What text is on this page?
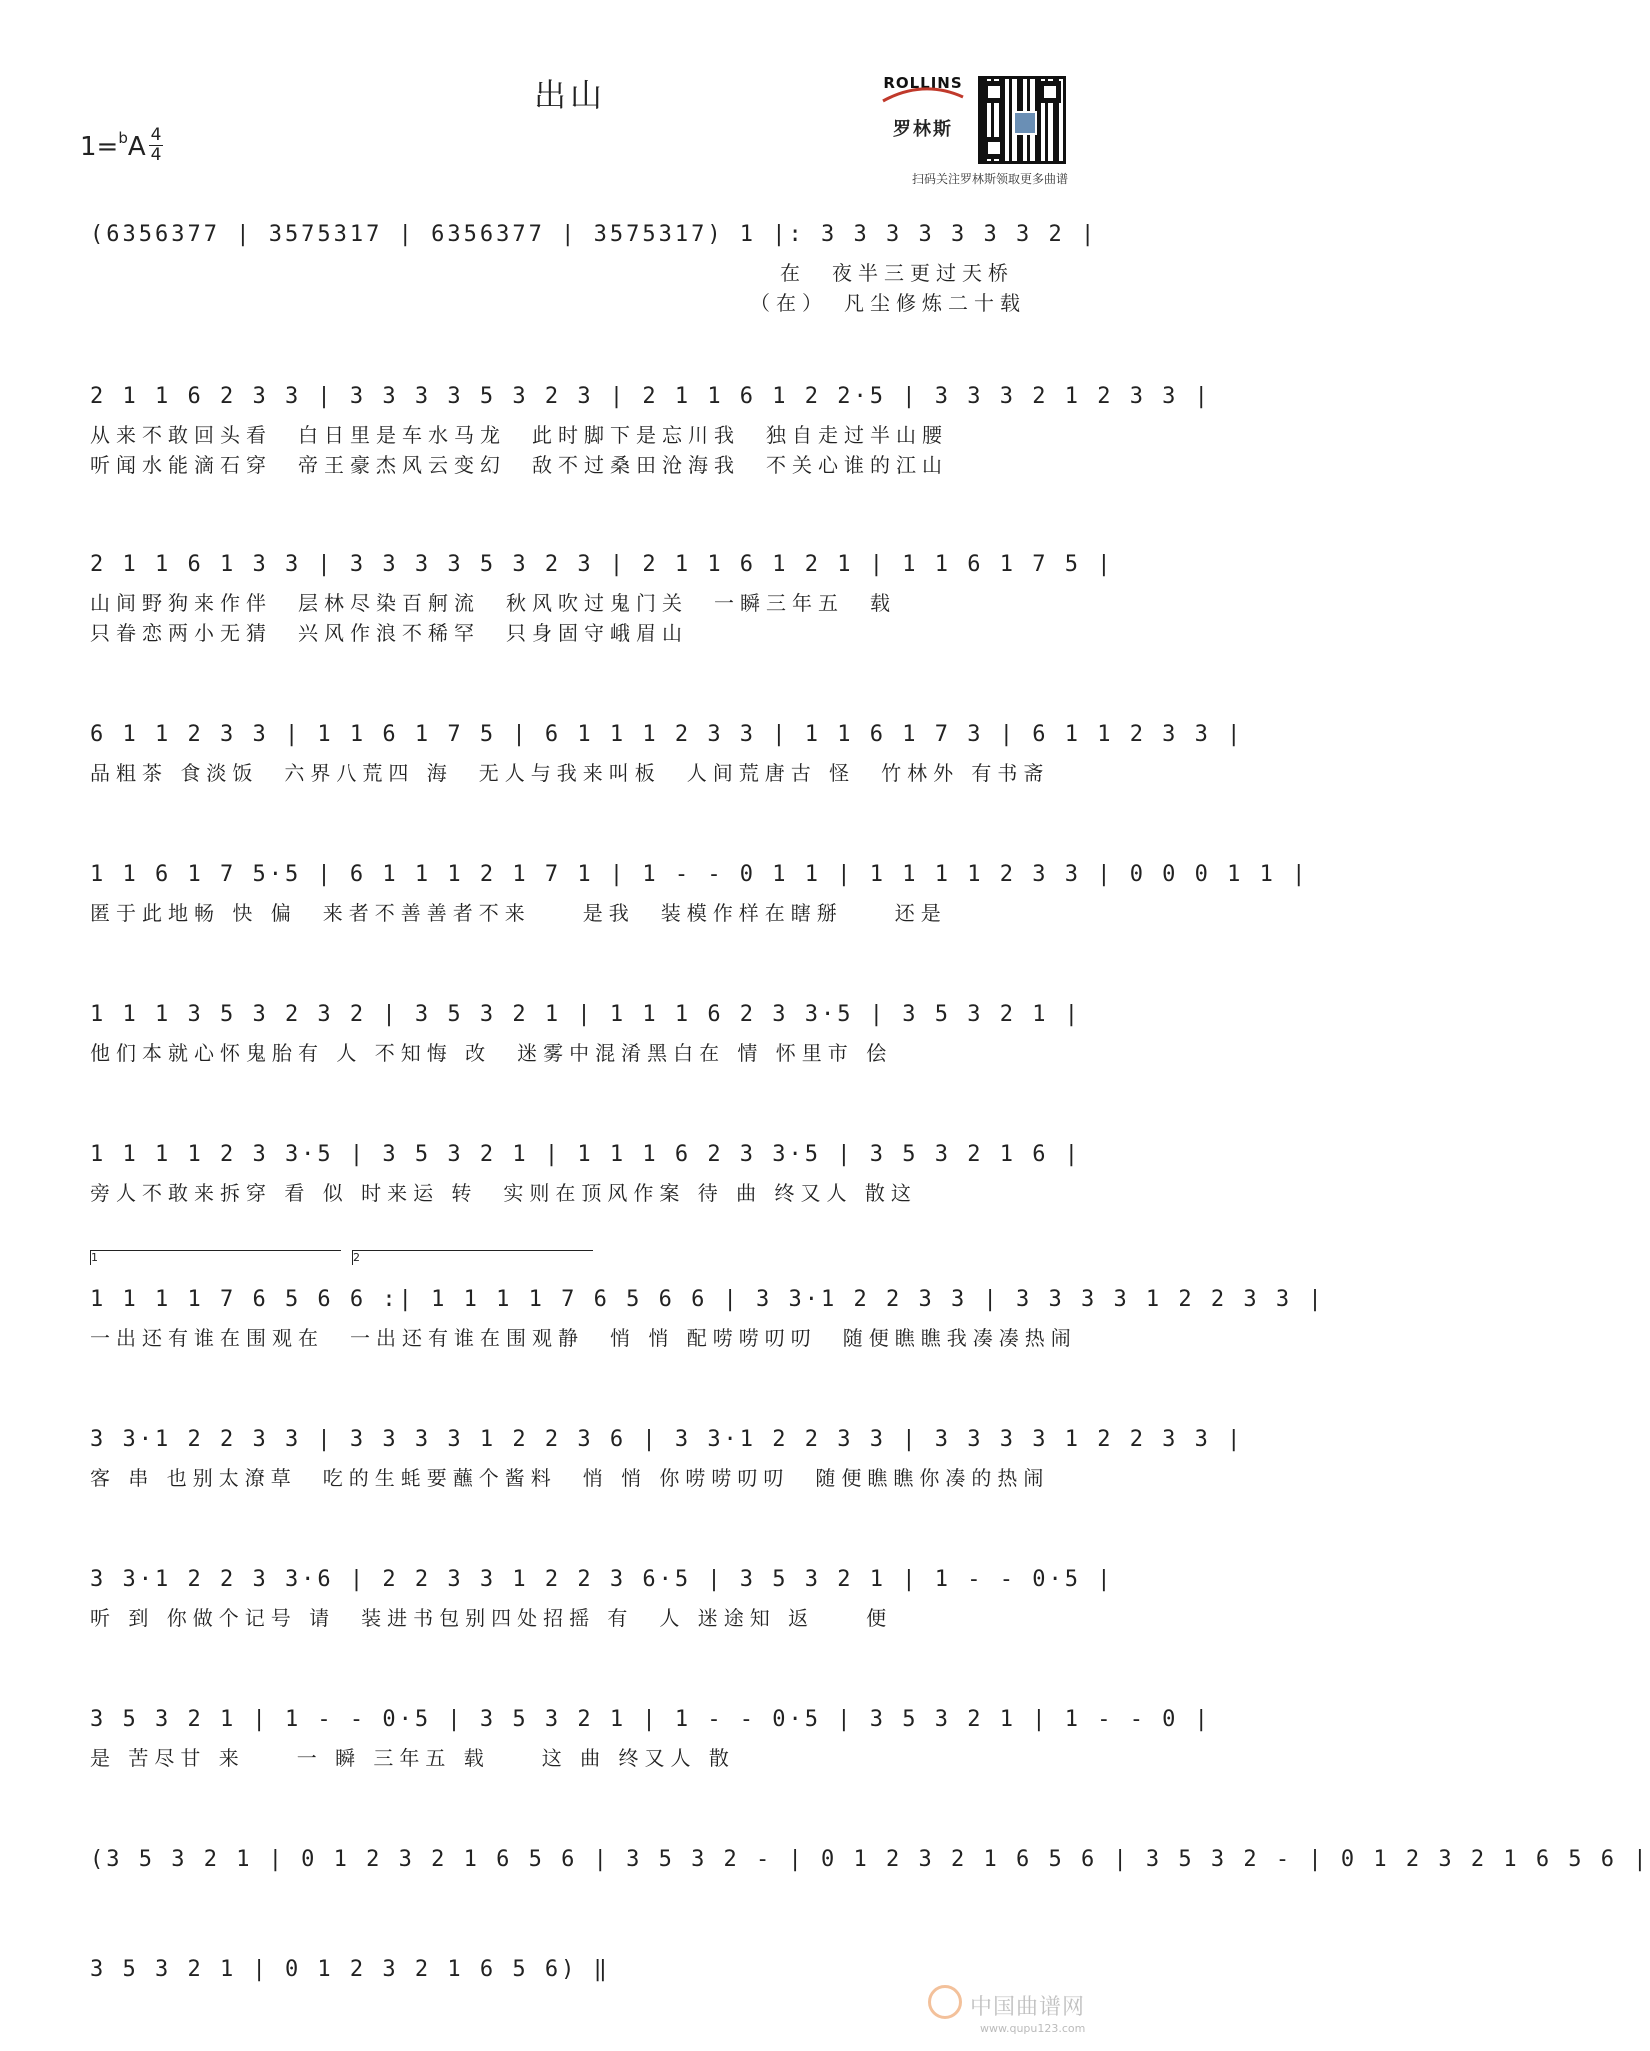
出山
1=$^b$A 4
4
ROLLINS
罗林斯
扫码关注罗林斯领取更多曲谱
(6356377 | 3575317 | 6356377 | 3575317) 1 |: 3 3 3 3 3 3 3 2 |
在　夜半三更过天桥
（在）　凡尘修炼二十载
2 1 1 6 2 3 3 | 3 3 3 3 5 3 2 3 | 2 1 1 6 1 2 2·5 | 3 3 3 2 1 2 3 3 |
从来不敢回头看　白日里是车水马龙　此时脚下是忘川我　独自走过半山腰
听闻水能滴石穿　帝王豪杰风云变幻　敌不过桑田沧海我　不关心谁的江山
2 1 1 6 1 3 3 | 3 3 3 3 5 3 2 3 | 2 1 1 6 1 2 1 | 1 1 6 1 7 5 |
山间野狗来作伴　层林尽染百舸流　秋风吹过鬼门关　一瞬三年五　载
只眷恋两小无猜　兴风作浪不稀罕　只身固守峨眉山
6 1 1 2 3 3 | 1 1 6 1 7 5 | 6 1 1 1 2 3 3 | 1 1 6 1 7 3 | 6 1 1 2 3 3 |
品粗茶 食淡饭　六界八荒四 海　无人与我来叫板　人间荒唐古 怪　竹林外 有书斋
1 1 6 1 7 5·5 | 6 1 1 1 2 1 7 1 | 1 - - 0 1 1 | 1 1 1 1 2 3 3 | 0 0 0 1 1 |
匿于此地畅 快 偏　来者不善善者不来　　是我　装模作样在瞎掰　　还是
1 1 1 3 5 3 2 3 2 | 3 5 3 2 1 | 1 1 1 6 2 3 3·5 | 3 5 3 2 1 |
他们本就心怀鬼胎有 人 不知悔 改　迷雾中混淆黑白在 情 怀里市 侩
1 1 1 1 2 3 3·5 | 3 5 3 2 1 | 1 1 1 6 2 3 3·5 | 3 5 3 2 1 6 |
旁人不敢来拆穿 看 似 时来运 转　实则在顶风作案 待 曲 终又人 散这
1	2
1 1 1 1 7 6 5 6 6 :| 1 1 1 1 7 6 5 6 6 | 3 3·1 2 2 3 3 | 3 3 3 3 1 2 2 3 3 |
一出还有谁在围观在　一出还有谁在围观静　悄 悄 配唠唠叨叨　随便瞧瞧我凑凑热闹
3 3·1 2 2 3 3 | 3 3 3 3 1 2 2 3 6 | 3 3·1 2 2 3 3 | 3 3 3 3 1 2 2 3 3 |
客 串 也别太潦草　吃的生蚝要蘸个酱料　悄 悄 你唠唠叨叨　随便瞧瞧你凑的热闹
3 3·1 2 2 3 3·6 | 2 2 3 3 1 2 2 3 6·5 | 3 5 3 2 1 | 1 - - 0·5 |
听 到 你做个记号 请　装进书包别四处招摇 有　人 迷途知 返　　便
3 5 3 2 1 | 1 - - 0·5 | 3 5 3 2 1 | 1 - - 0·5 | 3 5 3 2 1 | 1 - - 0 |
是 苦尽甘 来　　一 瞬 三年五 载　　这 曲 终又人 散
(3 5 3 2 1 | 0 1 2 3 2 1 6 5 6 | 3 5 3 2 - | 0 1 2 3 2 1 6 5 6 | 3 5 3 2 - | 0 1 2 3 2 1 6 5 6 |
3 5 3 2 1 | 0 1 2 3 2 1 6 5 6) ‖
中国曲谱网
www.qupu123.com
